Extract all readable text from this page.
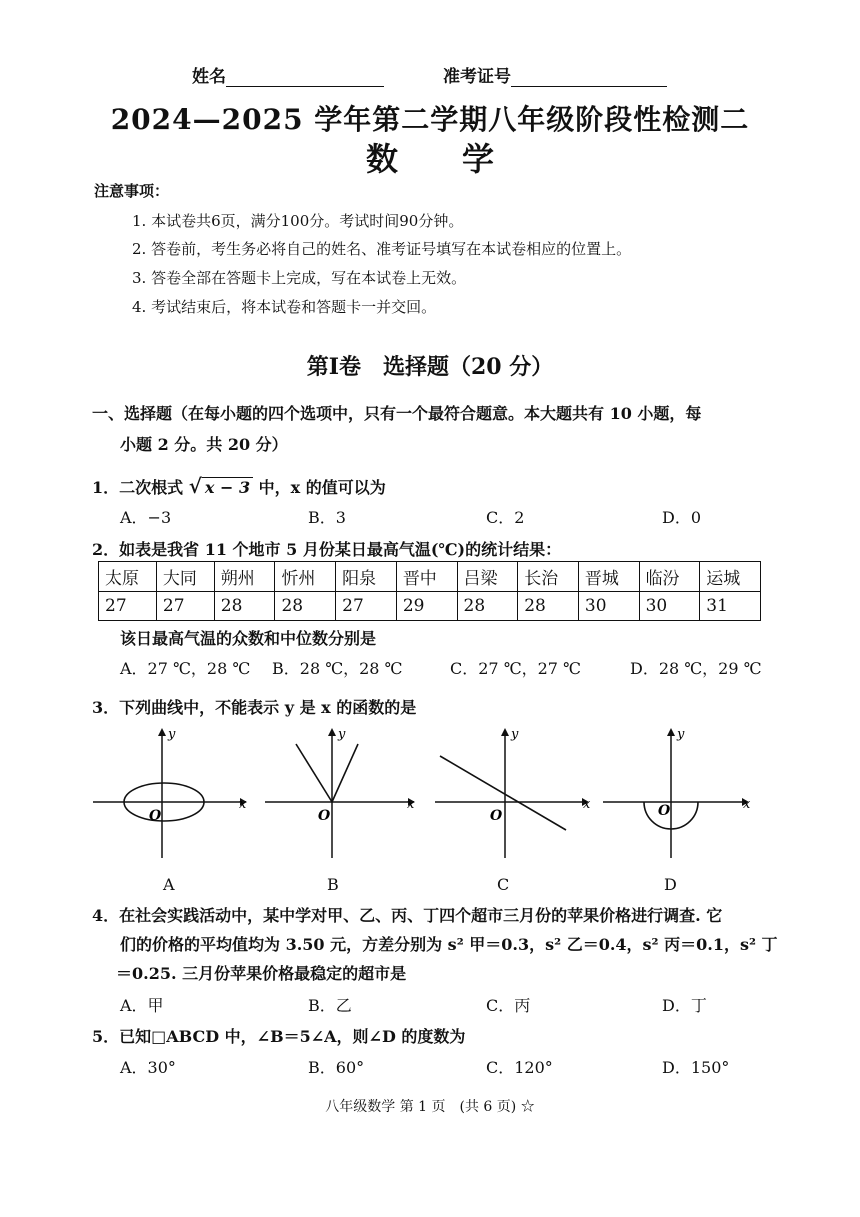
姓名	准考证号
2024—2025 学年第二学期八年级阶段性检测二
数　　学
注意事项：
1. 本试卷共6页，满分100分。考试时间90分钟。
2. 答卷前，考生务必将自己的姓名、准考证号填写在本试卷相应的位置上。
3. 答卷全部在答题卡上完成，写在本试卷上无效。
4. 考试结束后，将本试卷和答题卡一并交回。
第Ⅰ卷　选择题（20 分）
一、选择题（在每小题的四个选项中，只有一个最符合题意。本大题共有 10 小题，每
小题 2 分。共 20 分）
1．二次根式 √ x − 3 中，x 的值可以为
A．−3	B．3	C．2	D．0
2．如表是我省 11 个地市 5 月份某日最高气温(℃)的统计结果：
太原	大同	朔州	忻州	阳泉	晋中	吕梁	长治	晋城	临汾	运城
27	27	28	28	27	29	28	28	30	30	31
该日最高气温的众数和中位数分别是
A．27 ℃，28 ℃ B．28 ℃，28 ℃	C．27 ℃，27 ℃	D．28 ℃，29 ℃
3．下列曲线中，不能表示 y 是 x 的函数的是
x
y
O
A
x
y
O
B
x
y
O
C
x
y
O
D
4．在社会实践活动中，某中学对甲、乙、丙、丁四个超市三月份的苹果价格进行调查. 它
们的价格的平均值均为 3.50 元，方差分别为 s² 甲＝0.3，s² 乙＝0.4，s² 丙＝0.1，s² 丁
＝0.25. 三月份苹果价格最稳定的超市是
A．甲	B．乙	C．丙	D．丁
5．已知□ABCD 中，∠B＝5∠A，则∠D 的度数为
A．30°	B．60°	C．120°	D．150°
八年级数学 第 1 页　(共 6 页) ☆
